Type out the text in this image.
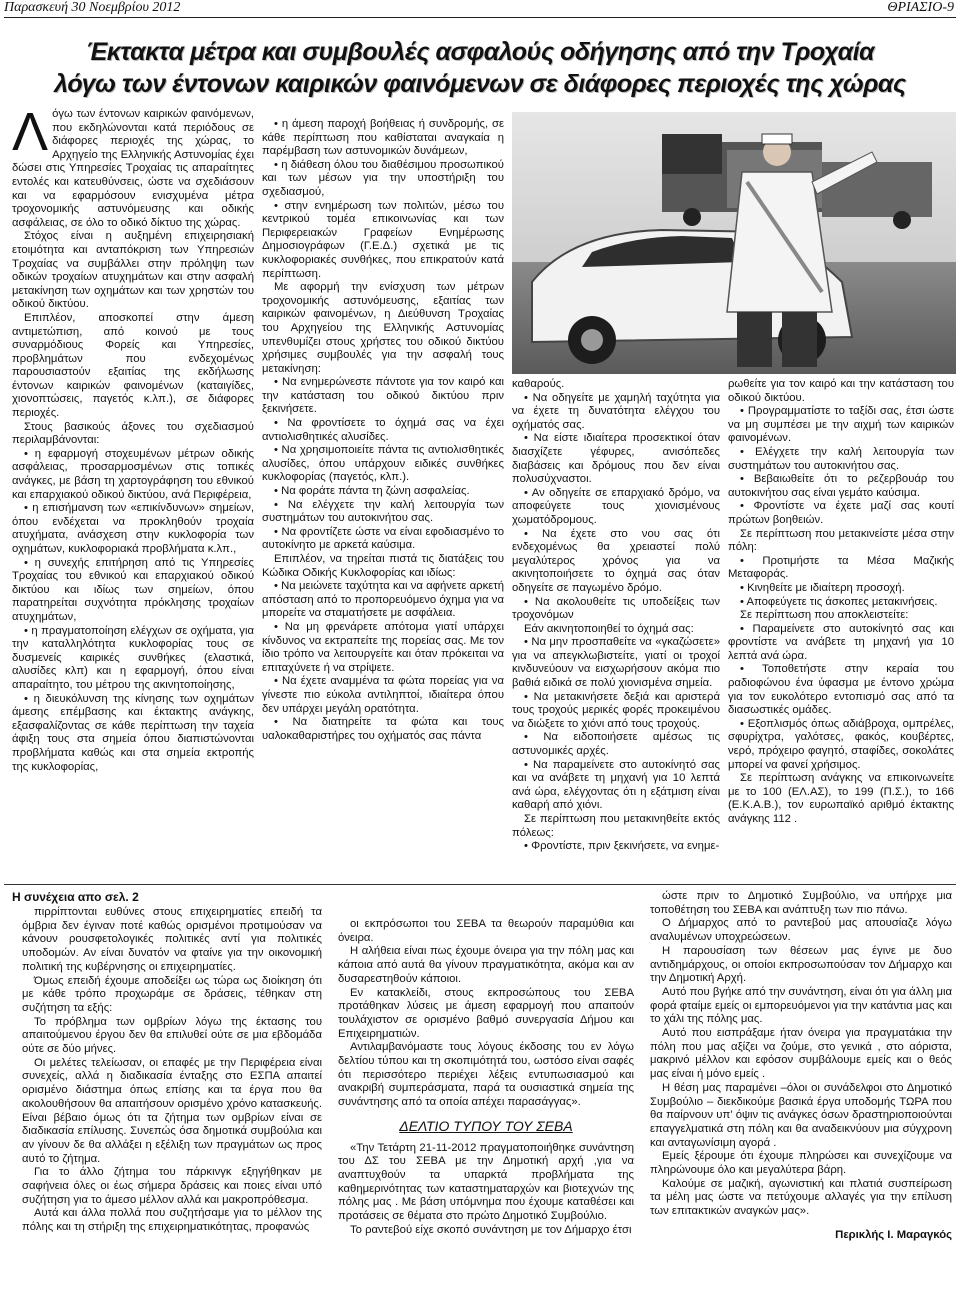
Παρασκευή 30 Νοεμβρίου 2012	ΘΡΙΑΣΙΟ-9
Έκτακτα μέτρα και συμβουλές ασφαλούς οδήγησης από την Τροχαία
λόγω των έντονων καιρικών φαινόμενων σε διάφορες περιοχές της χώρας

Λόγω των έντονων καιρικών φαινόμενων, που εκδηλώνονται κατά περιόδους σε διάφορες περιοχές της χώρας, το Αρχηγείο της Ελληνικής Αστυνομίας έχει δώσει στις Υπηρεσίες Τροχαίας τις απαραίτητες εντολές και κατευθύνσεις, ώστε να σχεδιάσουν και να εφαρμόσουν ενισχυμένα μέτρα τροχονομικής αστυνόμευσης και οδικής ασφάλειας, σε όλο το οδικό δίκτυο της χώρας.

Στόχος είναι η αυξημένη επιχειρησιακή ετοιμότητα και ανταπόκριση των Υπηρεσιών Τροχαίας να συμβάλλει στην πρόληψη των οδικών τροχαίων ατυχημάτων και στην ασφαλή μετακίνηση των οχημάτων και των χρηστών του οδικού δικτύου.

Επιπλέον, αποσκοπεί στην άμεση αντιμετώπιση, από κοινού με τους συναρμόδιους Φορείς και Υπηρεσίες, προβλημάτων που ενδεχομένως παρουσιαστούν εξαιτίας της εκδήλωσης έντονων καιρικών φαινομένων (καταιγίδες, χιονοπτώσεις, παγετός κ.λπ.), σε διάφορες περιοχές.

Στους βασικούς άξονες του σχεδιασμού περιλαμβάνονται:

• η εφαρμογή στοχευμένων μέτρων οδικής ασφάλειας, προσαρμοσμένων στις τοπικές ανάγκες, με βάση τη χαρτογράφηση του εθνικού και επαρχιακού οδικού δικτύου, ανά Περιφέρεια,

• η επισήμανση των «επικίνδυνων» σημείων, όπου ενδέχεται να προκληθούν τροχαία ατυχήματα, ανάσχεση στην κυκλοφορία των οχημάτων, κυκλοφοριακά προβλήματα κ.λπ.,

• η συνεχής επιτήρηση από τις Υπηρεσίες Τροχαίας του εθνικού και επαρχιακού οδικού δικτύου και ιδίως των σημείων, όπου παρατηρείται συχνότητα πρόκλησης τροχαίων ατυχημάτων,

• η πραγματοποίηση ελέγχων σε οχήματα, για την καταλληλότητα κυκλοφορίας τους σε δυσμενείς καιρικές συνθήκες (ελαστικά, αλυσίδες κλπ) και η εφαρμογή, όπου είναι απαραίτητο, του μέτρου της ακινητοποίησης,

• η διευκόλυνση της κίνησης των οχημάτων άμεσης επέμβασης και έκτακτης ανάγκης, εξασφαλίζοντας σε κάθε περίπτωση την ταχεία άφιξη τους στα σημεία όπου διαπιστώνονται προβλήματα καθώς και στα σημεία εκτροπής της κυκλοφορίας,

• η άμεση παροχή βοήθειας ή συνδρομής, σε κάθε περίπτωση που καθίσταται αναγκαία η παρέμβαση των αστυνομικών δυνάμεων,

• η διάθεση όλου του διαθέσιμου προσωπικού και των μέσων για την υποστήριξη του σχεδιασμού,

• στην ενημέρωση των πολιτών, μέσω του κεντρικού τομέα επικοινωνίας και των Περιφερειακών Γραφείων Ενημέρωσης Δημοσιογράφων (Γ.Ε.Δ.) σχετικά με τις κυκλοφοριακές συνθήκες, που επικρατούν κατά περίπτωση.

Με αφορμή την ενίσχυση των μέτρων τροχονομικής αστυνόμευσης, εξαιτίας των καιρικών φαινομένων, η Διεύθυνση Τροχαίας του Αρχηγείου της Ελληνικής Αστυνομίας υπενθυμίζει στους χρήστες του οδικού δικτύου χρήσιμες συμβουλές για την ασφαλή τους μετακίνηση:

• Να ενημερώνεστε πάντοτε για τον καιρό και την κατάσταση του οδικού δικτύου πριν ξεκινήσετε.

• Να φροντίσετε το όχημά σας να έχει αντιολισθητικές αλυσίδες.

• Να χρησιμοποιείτε πάντα τις αντιολισθητικές αλυσίδες, όπου υπάρχουν ειδικές συνθήκες κυκλοφορίας (παγετός, κλπ.).

• Να φοράτε πάντα τη ζώνη ασφαλείας.

• Να ελέγχετε την καλή λειτουργία των συστημάτων του αυτοκινήτου σας.

• Να φροντίζετε ώστε να είναι εφοδιασμένο το αυτοκίνητο με αρκετά καύσιμα.

Επιπλέον, να τηρείται πιστά τις διατάξεις του Κώδικα Οδικής Κυκλοφορίας και ιδίως:

• Να μειώνετε ταχύτητα και να αφήνετε αρκετή απόσταση από το προπορευόμενο όχημα για να μπορείτε να σταματήσετε με ασφάλεια.

• Να μη φρενάρετε απότομα γιατί υπάρχει κίνδυνος να εκτραπείτε της πορείας σας. Με τον ίδιο τρόπο να λειτουργείτε και όταν πρόκειται να επιταχύνετε ή να στρίψετε.

• Να έχετε αναμμένα τα φώτα πορείας για να γίνεστε πιο εύκολα αντιληπτοί, ιδιαίτερα όπου δεν υπάρχει μεγάλη ορατότητα.

• Να διατηρείτε τα φώτα και τους υαλοκαθαριστήρες του οχήματός σας πάντα

καθαρούς.

• Να οδηγείτε με χαμηλή ταχύτητα για να έχετε τη δυνατότητα ελέγχου του οχήματός σας.

• Να είστε ιδιαίτερα προσεκτικοί όταν διασχίζετε γέφυρες, ανισόπεδες διαβάσεις και δρόμους που δεν είναι πολυσύχναστοι.

• Αν οδηγείτε σε επαρχιακό δρόμο, να αποφεύγετε τους χιονισμένους χωματόδρομους.

• Να έχετε στο νου σας ότι ενδεχομένως θα χρειαστεί πολύ μεγαλύτερος χρόνος για να ακινητοποιήσετε το όχημά σας όταν οδηγείτε σε παγωμένο δρόμο.

• Να ακολουθείτε τις υποδείξεις των τροχονόμων

Εάν ακινητοποιηθεί το όχημά σας:

• Να μην προσπαθείτε να «γκαζώσετε» για να απεγκλωβιστείτε, γιατί οι τροχοί κινδυνεύουν να εισχωρήσουν ακόμα πιο βαθιά ειδικά σε πολύ χιονισμένα σημεία.

• Να μετακινήσετε δεξιά και αριστερά τους τροχούς μερικές φορές προκειμένου να διώξετε το χιόνι από τους τροχούς.

• Να ειδοποιήσετε αμέσως τις αστυνομικές αρχές.

• Να παραμείνετε στο αυτοκίνητό σας και να ανάβετε τη μηχανή για 10 λεπτά ανά ώρα, ελέγχοντας ότι η εξάτμιση είναι καθαρή από χιόνι.

Σε περίπτωση που μετακινηθείτε εκτός πόλεως:

• Φροντίστε, πριν ξεκινήσετε, να ενημε-

ρωθείτε για τον καιρό και την κατάσταση του οδικού δικτύου.

• Προγραμματίστε το ταξίδι σας, έτσι ώστε να μη συμπέσει με την αιχμή των καιρικών φαινομένων.

• Ελέγχετε την καλή λειτουργία των συστημάτων του αυτοκινήτου σας.

• Βεβαιωθείτε ότι το ρεζερβουάρ του αυτοκινήτου σας είναι γεμάτο καύσιμα.

• Φροντίστε να έχετε μαζί σας κουτί πρώτων βοηθειών.

Σε περίπτωση που μετακινείστε μέσα στην πόλη:

• Προτιμήστε τα Μέσα Μαζικής Μεταφοράς.

• Κινηθείτε με ιδιαίτερη προσοχή.

• Αποφεύγετε τις άσκοπες μετακινήσεις.

Σε περίπτωση που αποκλειστείτε:

• Παραμείνετε στο αυτοκίνητό σας και φροντίστε να ανάβετε τη μηχανή για 10 λεπτά ανά ώρα.

• Τοποθετήστε στην κεραία του ραδιοφώνου ένα ύφασμα με έντονο χρώμα για τον ευκολότερο εντοπισμό σας από τα διασωστικές ομάδες.

• Εξοπλισμός όπως αδιάβροχα, ομπρέλες, σφυρίχτρα, γαλότσες, φακός, κουβέρτες, νερό, πρόχειρο φαγητό, σταφίδες, σοκολάτες μπορεί να φανεί χρήσιμος.

Σε περίπτωση ανάγκης να επικοινωνείτε με το 100 (ΕΛ.ΑΣ), το 199 (Π.Σ.), το 166 (Ε.Κ.Α.Β.), τον ευρωπαϊκό αριθμό έκτακτης ανάγκης 112 .

Η συνέχεια απο σελ. 2

πιρρίπτονται ευθύνες στους επιχειρηματίες επειδή τα όμβρια δεν έγιναν ποτέ καθώς ορισμένοι προτιμούσαν να κάνουν ρουσφετολογικές πολιτικές αντί για πολιτικές υποδομών. Αν είναι δυνατόν να φταίνε για την οικονομική πολιτική της κυβέρνησης οι επιχειρηματίες.

Όμως επειδή έχουμε αποδείξει ως τώρα ως διοίκηση ότι με κάθε τρόπο προχωράμε σε δράσεις, τέθηκαν στη συζήτηση τα εξής:

Το πρόβλημα των ομβρίων λόγω της έκτασης του απαιτούμενου έργου δεν θα επιλυθεί ούτε σε μια εβδομάδα ούτε σε δύο μήνες.

Οι μελέτες τελείωσαν, οι επαφές με την Περιφέρεια είναι συνεχείς, αλλά η διαδικασία ένταξης στο ΕΣΠΑ απαιτεί ορισμένο διάστημα όπως επίσης και τα έργα που θα ακολουθήσουν θα απαιτήσουν ορισμένο χρόνο κατασκευής. Είναι βέβαιο όμως ότι τα ζήτημα των ομβρίων είναι σε διαδικασία επίλυσης. Συνεπώς όσα δημοτικά συμβούλια και αν γίνουν δε θα αλλάξει η εξέλιξη των πραγμάτων ως προς αυτό το ζήτημα.

Για το άλλο ζήτημα του πάρκινγκ εξηγήθηκαν με σαφήνεια όλες οι έως σήμερα δράσεις και ποιες είναι υπό συζήτηση για το άμεσο μέλλον αλλά και μακροπρόθεσμα.

Αυτά και άλλα πολλά που συζητήσαμε για το μέλλον της πόλης και τη στήριξη της επιχειρηματικότητας, προφανώς

οι εκπρόσωποι του ΣΕΒΑ τα θεωρούν παραμύθια και όνειρα.

Η αλήθεια είναι πως έχουμε όνειρα για την πόλη μας και κάποια από αυτά θα γίνουν πραγματικότητα, ακόμα και αν δυσαρεστηθούν κάποιοι.

Εν κατακλείδι, στους εκπροσώπους του ΣΕΒΑ προτάθηκαν λύσεις με άμεση εφαρμογή που απαιτούν τουλάχιστον σε ορισμένο βαθμό συνεργασία Δήμου και Επιχειρηματιών.

Αντιλαμβανόμαστε τους λόγους έκδοσης του εν λόγω δελτίου τύπου και τη σκοπιμότητά του, ωστόσο είναι σαφές ότι περισσότερο περιέχει λέξεις εντυπωσιασμού και ανακριβή συμπεράσματα, παρά τα ουσιαστικά σημεία της συνάντησης από τα οποία απέχει παρασάγγας».

ΔΕΛΤΙΟ ΤΥΠΟΥ ΤΟΥ ΣΕΒΑ

«Την Τετάρτη 21-11-2012 πραγματοποιήθηκε συνάντηση του ΔΣ του ΣΕΒΑ με την Δημοτική αρχή ,για να αναπτυχθούν τα υπαρκτά προβλήματα της καθημερινότητας των καταστηματαρχών και βιοτεχνών της πόλης μας . Με βάση υπόμνημα που έχουμε καταθέσει και προτάσεις σε θέματα στο πρώτο Δημοτικό Συμβούλιο.

Το ραντεβού είχε σκοπό συνάντηση με τον Δήμαρχο έτσι

ώστε πριν το Δημοτικό Συμβούλιο, να υπήρχε μια τοποθέτηση του ΣΕΒΑ και ανάπτυξη των πιο πάνω.

Ο Δήμαρχος από το ραντεβού μας απουσίαζε λόγω αναλυμένων υποχρεώσεων.

Η παρουσίαση των θέσεων μας έγινε με δυο αντιδημάρχους, οι οποίοι εκπροσωπούσαν τον Δήμαρχο και την Δημοτική Αρχή.

Αυτό που βγήκε από την συνάντηση, είναι ότι για άλλη μια φορά φταίμε εμείς οι εμπορευόμενοι για την κατάντια μας και το χάλι της πόλης μας.

Αυτό που εισπράξαμε ήταν όνειρα για πραγματάκια την πόλη που μας αξίζει να ζούμε, στο γενικά , στο αόριστα, μακρινό μέλλον και εφόσον συμβάλουμε εμείς και ο θεός μας είναι ή μόνο εμείς .

Η θέση μας παραμένει –όλοι οι συνάδελφοι στο Δημοτικό Συμβούλιο – διεκδικούμε βασικά έργα υποδομής ΤΩΡΑ που θα παίρνουν υπ’ όψιν τις ανάγκες όσων δραστηριοποιούνται επαγγελματικά στη πόλη και θα αναδεικνύουν μια σύγχρονη και ανταγωνίσιμη αγορά .

Εμείς ξέρουμε ότι έχουμε πληρώσει και συνεχίζουμε να πληρώνουμε όλο και μεγαλύτερα βάρη.

Καλούμε σε μαζική, αγωνιστική και πλατιά συσπείρωση τα μέλη μας ώστε να πετύχουμε αλλαγές για την επίλυση των επιτακτικών αναγκών μας».

Περικλής Ι. Μαραγκός
